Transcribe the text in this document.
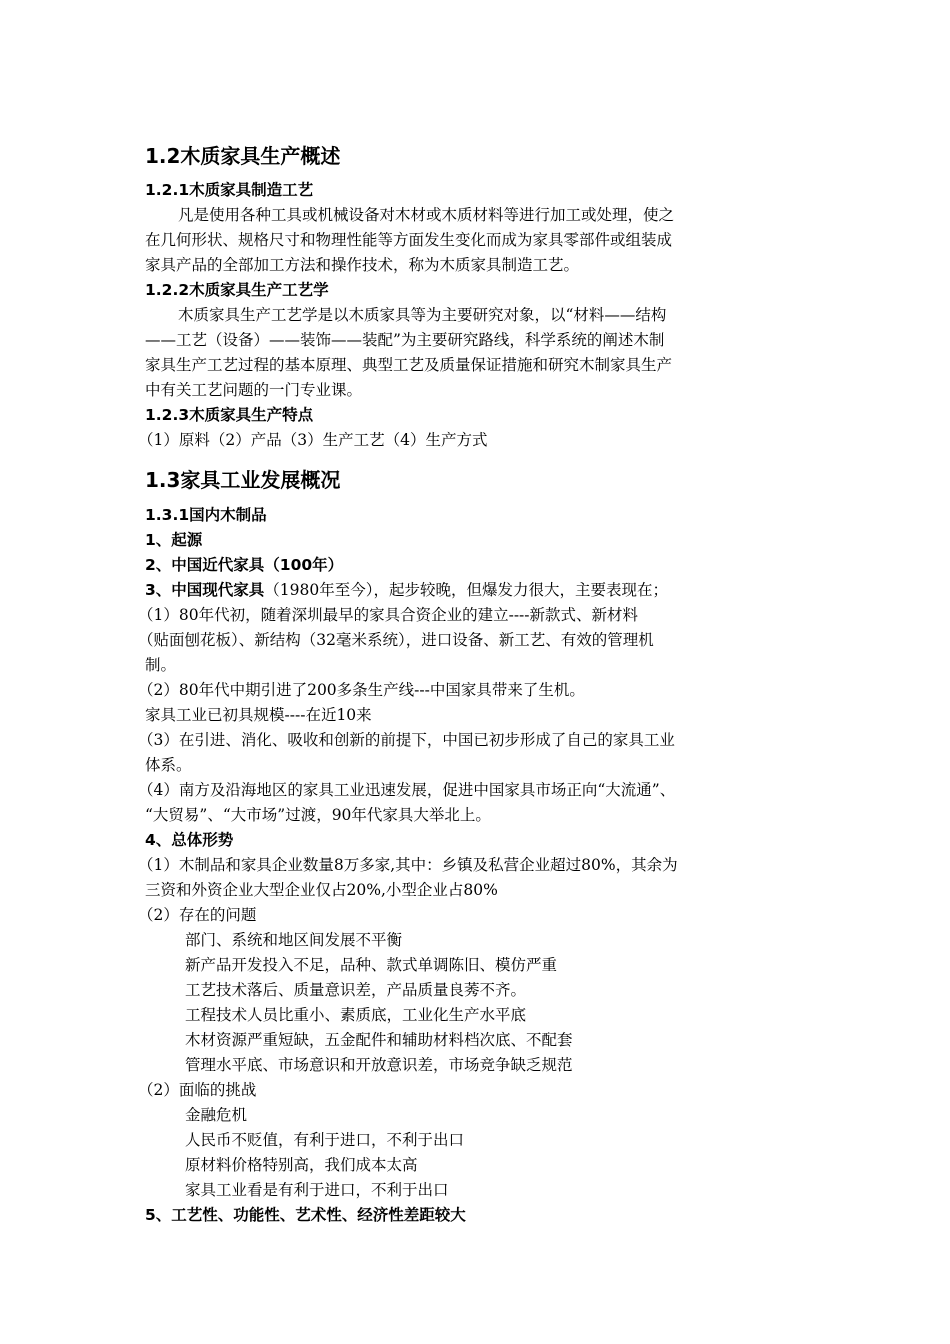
1.2木质家具生产概述
1.2.1木质家具制造工艺
凡是使用各种工具或机械设备对木材或木质材料等进行加工或处理，使之
在几何形状、规格尺寸和物理性能等方面发生变化而成为家具零部件或组装成
家具产品的全部加工方法和操作技术，称为木质家具制造工艺。
1.2.2木质家具生产工艺学
木质家具生产工艺学是以木质家具等为主要研究对象，以“材料——结构
——工艺（设备）——装饰——装配”为主要研究路线，科学系统的阐述木制
家具生产工艺过程的基本原理、典型工艺及质量保证措施和研究木制家具生产
中有关工艺问题的一门专业课。
1.2.3木质家具生产特点
（1）原料（2）产品（3）生产工艺（4）生产方式
1.3家具工业发展概况
1.3.1国内木制品
1、起源
2、中国近代家具（100年）
3、中国现代家具（1980年至今），起步较晚，但爆发力很大，主要表现在；
（1）80年代初，随着深圳最早的家具合资企业的建立----新款式、新材料
（贴面刨花板）、新结构（32毫米系统），进口设备、新工艺、有效的管理机
制。
（2）80年代中期引进了200多条生产线---中国家具带来了生机。
家具工业已初具规模----在近10来
（3）在引进、消化、吸收和创新的前提下，中国已初步形成了自己的家具工业
体系。
（4）南方及沿海地区的家具工业迅速发展，促进中国家具市场正向“大流通”、
“大贸易”、“大市场”过渡，90年代家具大举北上。
4、总体形势
（1）木制品和家具企业数量8万多家,其中：乡镇及私营企业超过80%，其余为
三资和外资企业大型企业仅占20%,小型企业占80%
（2）存在的问题
部门、系统和地区间发展不平衡
新产品开发投入不足，品种、款式单调陈旧、模仿严重
工艺技术落后、质量意识差，产品质量良莠不齐。
工程技术人员比重小、素质底，工业化生产水平底
木材资源严重短缺，五金配件和辅助材料档次底、不配套
管理水平底、市场意识和开放意识差，市场竞争缺乏规范
（2）面临的挑战
金融危机
人民币不贬值，有利于进口，不利于出口
原材料价格特别高，我们成本太高
家具工业看是有利于进口，不利于出口
5、工艺性、功能性、艺术性、经济性差距较大
